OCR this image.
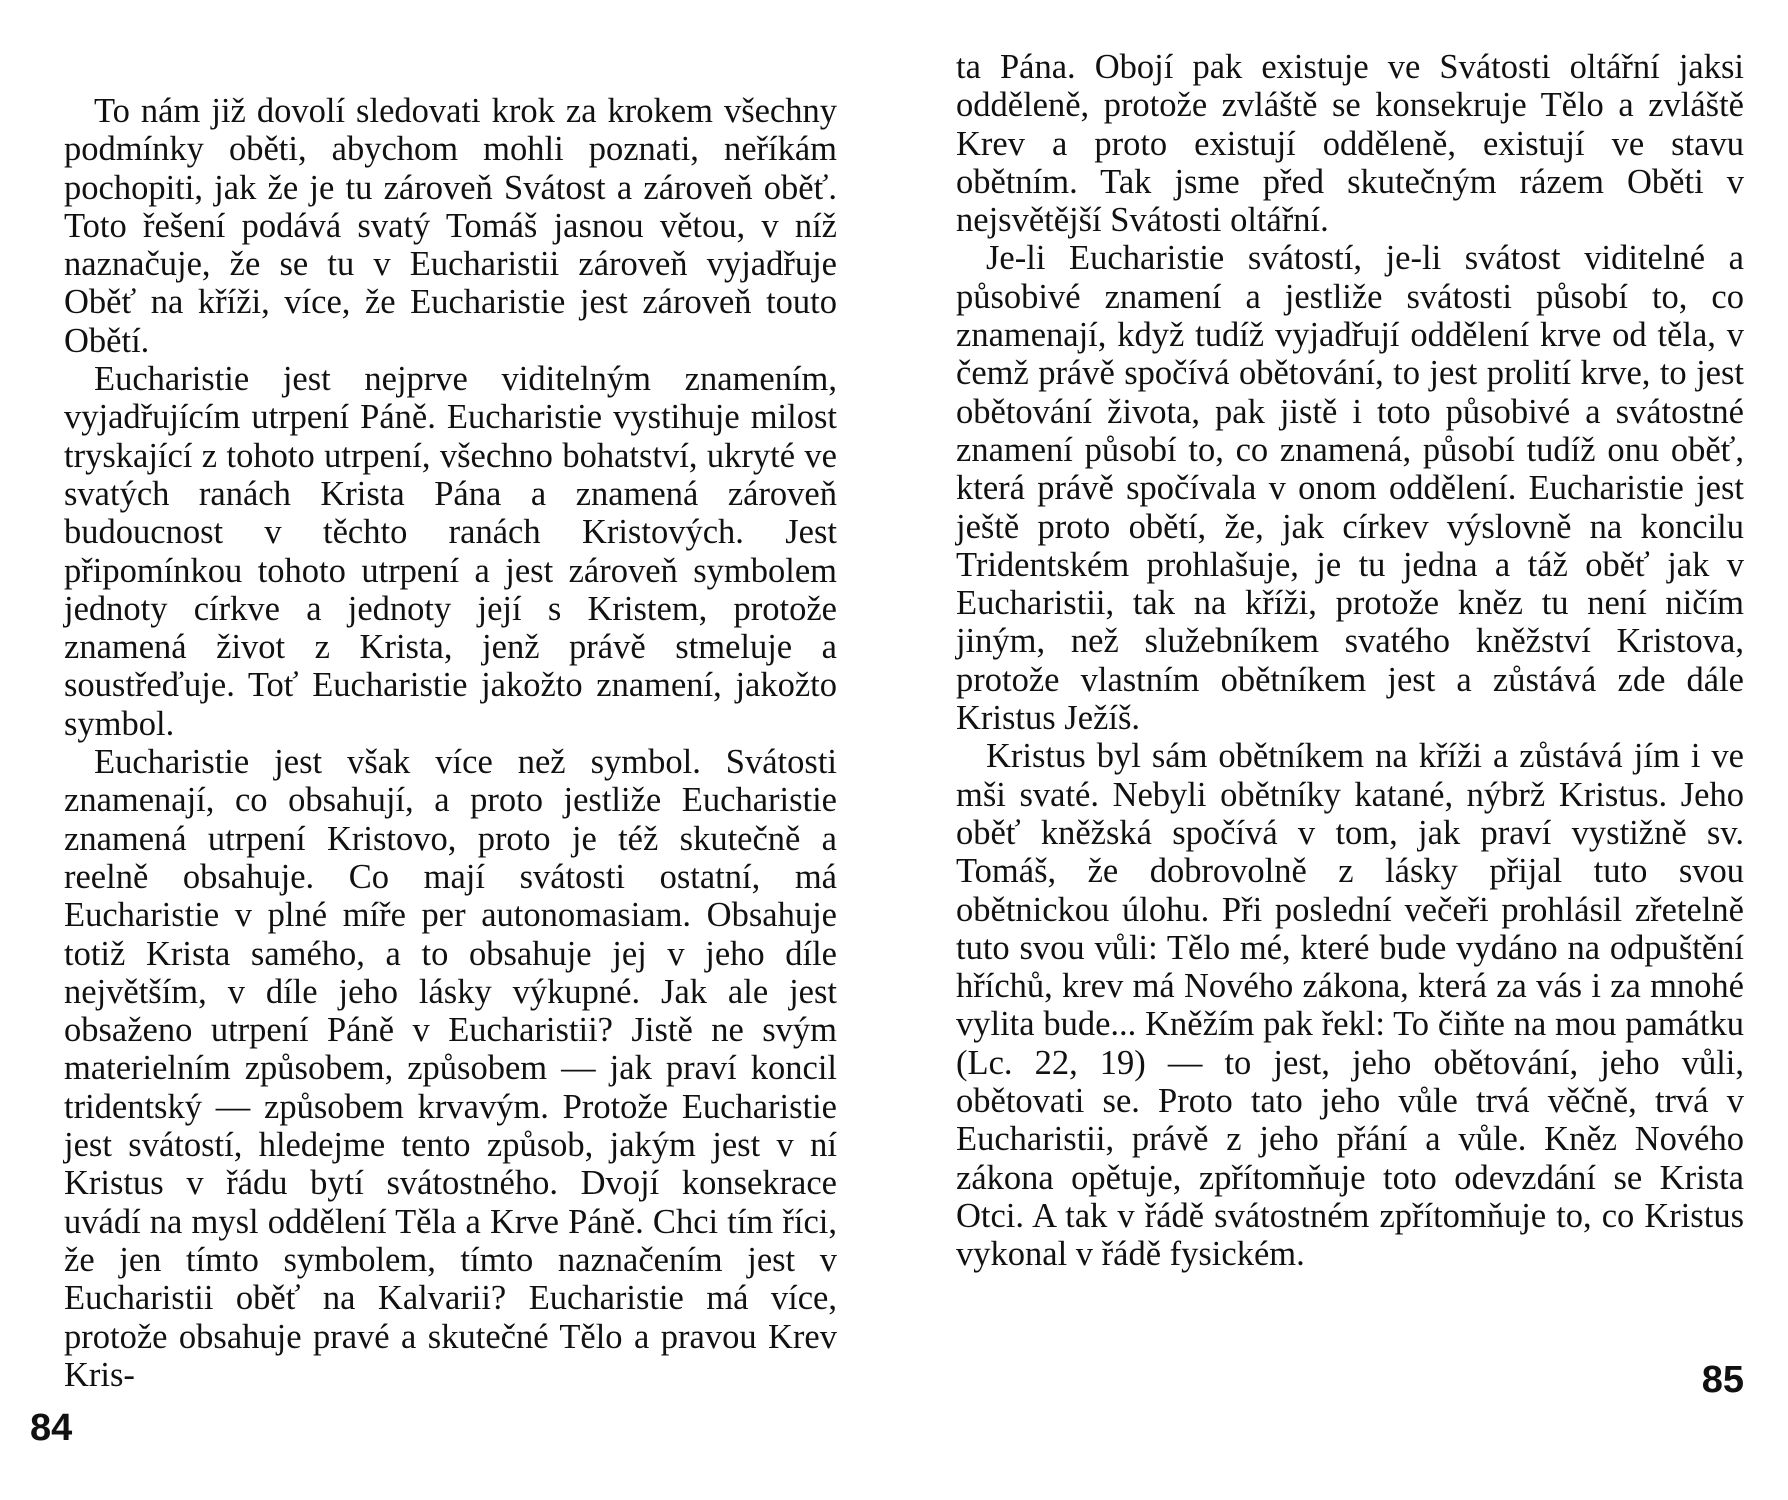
To nám již dovolí sledovati krok za krokem všechny podmínky oběti, abychom mohli poznati, neříkám pochopiti, jak že je tu zároveň Svátost a zároveň oběť. Toto řešení podává svatý Tomáš jasnou větou, v níž naznačuje, že se tu v Eucharistii zároveň vyjadřuje Oběť na kříži, více, že Eucharistie jest zároveň touto Obětí.

Eucharistie jest nejprve viditelným znamením, vyjadřujícím utrpení Páně. Eucharistie vystihuje milost tryskající z tohoto utrpení, všechno bohatství, ukryté ve svatých ranách Krista Pána a znamená zároveň budoucnost v těchto ranách Kristových. Jest připomínkou tohoto utrpení a jest zároveň symbolem jednoty církve a jednoty její s Kristem, protože znamená život z Krista, jenž právě stmeluje a soustřeďuje. Toť Eucharistie jakožto znamení, jakožto symbol.

Eucharistie jest však více než symbol. Svátosti znamenají, co obsahují, a proto jestliže Eucharistie znamená utrpení Kristovo, proto je též skutečně a reelně obsahuje. Co mají svátosti ostatní, má Eucharistie v plné míře per autonomasiam. Obsahuje totiž Krista samého, a to obsahuje jej v jeho díle největším, v díle jeho lásky výkupné. Jak ale jest obsaženo utrpení Páně v Eucharistii? Jistě ne svým materielním způsobem, způsobem — jak praví koncil tridentský — způsobem krvavým. Protože Eucharistie jest svátostí, hledejme tento způsob, jakým jest v ní Kristus v řádu bytí svátostného. Dvojí konsekrace uvádí na mysl oddělení Těla a Krve Páně. Chci tím říci, že jen tímto symbolem, tímto naznačením jest v Eucharistii oběť na Kalvarii? Eucharistie má více, protože obsahuje pravé a skutečné Tělo a pravou Krev Kris-

84

ta Pána. Obojí pak existuje ve Svátosti oltářní jaksi odděleně, protože zvláště se konsekruje Tělo a zvláště Krev a proto existují odděleně, existují ve stavu obětním. Tak jsme před skutečným rázem Oběti v nejsvětější Svátosti oltářní.

Je-li Eucharistie svátostí, je-li svátost viditelné a působivé znamení a jestliže svátosti působí to, co znamenají, když tudíž vyjadřují oddělení krve od těla, v čemž právě spočívá obětování, to jest prolití krve, to jest obětování života, pak jistě i toto působivé a svátostné znamení působí to, co znamená, působí tudíž onu oběť, která právě spočívala v onom oddělení. Eucharistie jest ještě proto obětí, že, jak církev výslovně na koncilu Tridentském prohlašuje, je tu jedna a táž oběť jak v Eucharistii, tak na kříži, protože kněz tu není ničím jiným, než služebníkem svatého kněžství Kristova, protože vlastním obětníkem jest a zůstává zde dále Kristus Ježíš.

Kristus byl sám obětníkem na kříži a zůstává jím i ve mši svaté. Nebyli obětníky katané, nýbrž Kristus. Jeho oběť kněžská spočívá v tom, jak praví vystižně sv. Tomáš, že dobrovolně z lásky přijal tuto svou obětnickou úlohu. Při poslední večeři prohlásil zřetelně tuto svou vůli: Tělo mé, které bude vydáno na odpuštění hříchů, krev má Nového zákona, která za vás i za mnohé vylita bude... Kněžím pak řekl: To čiňte na mou památku (Lc. 22, 19) — to jest, jeho obětování, jeho vůli, obětovati se. Proto tato jeho vůle trvá věčně, trvá v Eucharistii, právě z jeho přání a vůle. Kněz Nového zákona opětuje, zpřítomňuje toto odevzdání se Krista Otci. A tak v řádě svátostném zpřítomňuje to, co Kristus vykonal v řádě fysickém.

85
